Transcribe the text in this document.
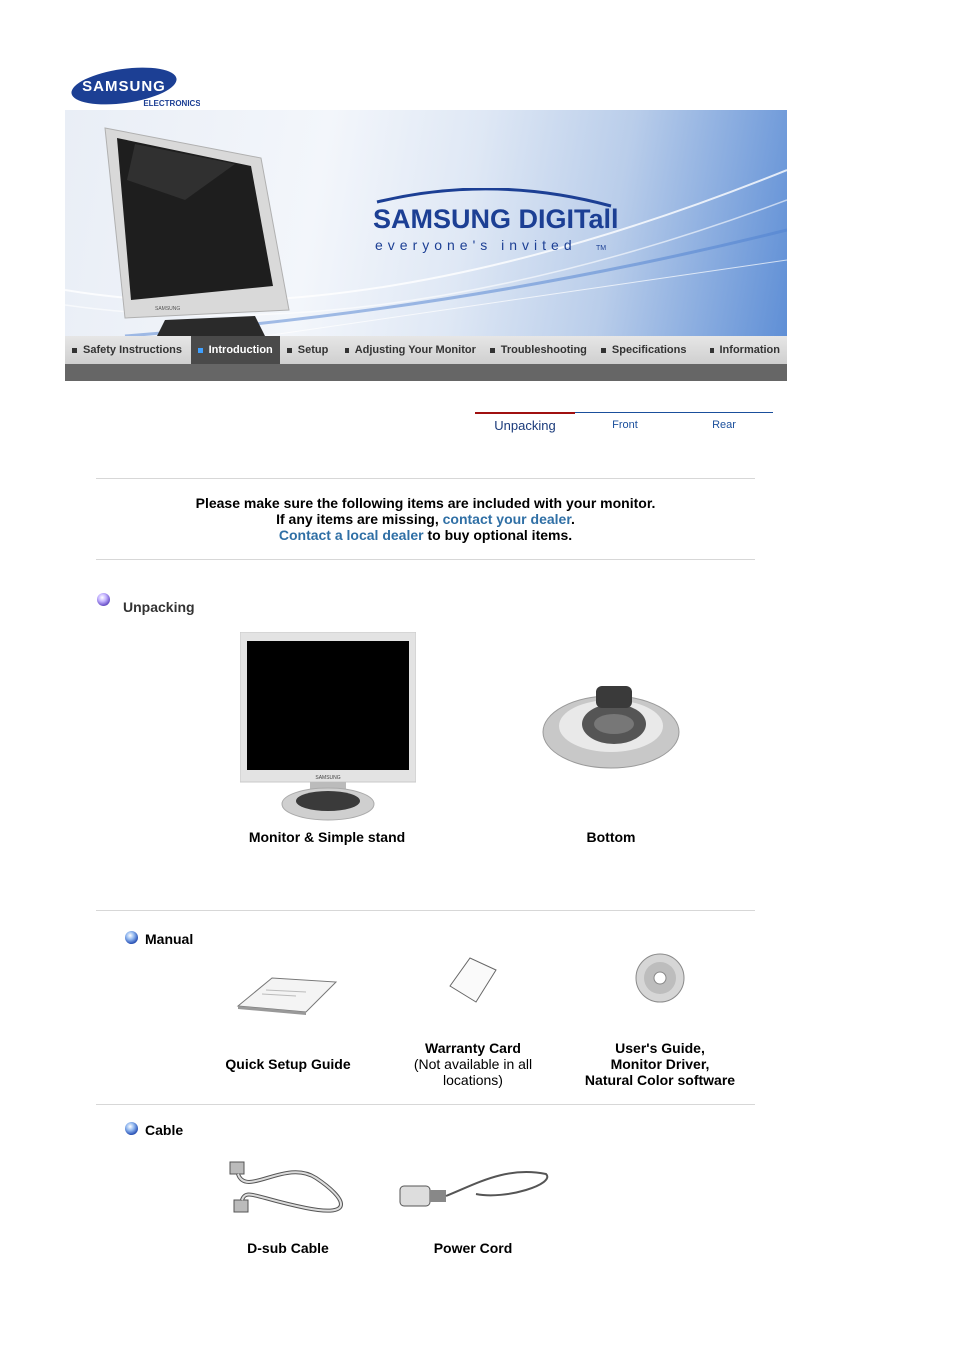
SAMSUNG
ELECTRONICS
SAMSUNG
SAMSUNG DIGITall
everyone's invited	TM
Safety Instructions Introduction Setup Adjusting Your Monitor Troubleshooting Specifications	Information
Unpacking	Front	Rear
Please make sure the following items are included with your monitor.
If any items are missing, contact your dealer.
Contact a local dealer to buy optional items.
Unpacking
SAMSUNG
Monitor & Simple stand	Bottom
Manual
Quick Setup Guide
Warranty Card
(Not available in all
locations)
User's Guide,
Monitor Driver,
Natural Color software
Cable
D-sub Cable	Power Cord
